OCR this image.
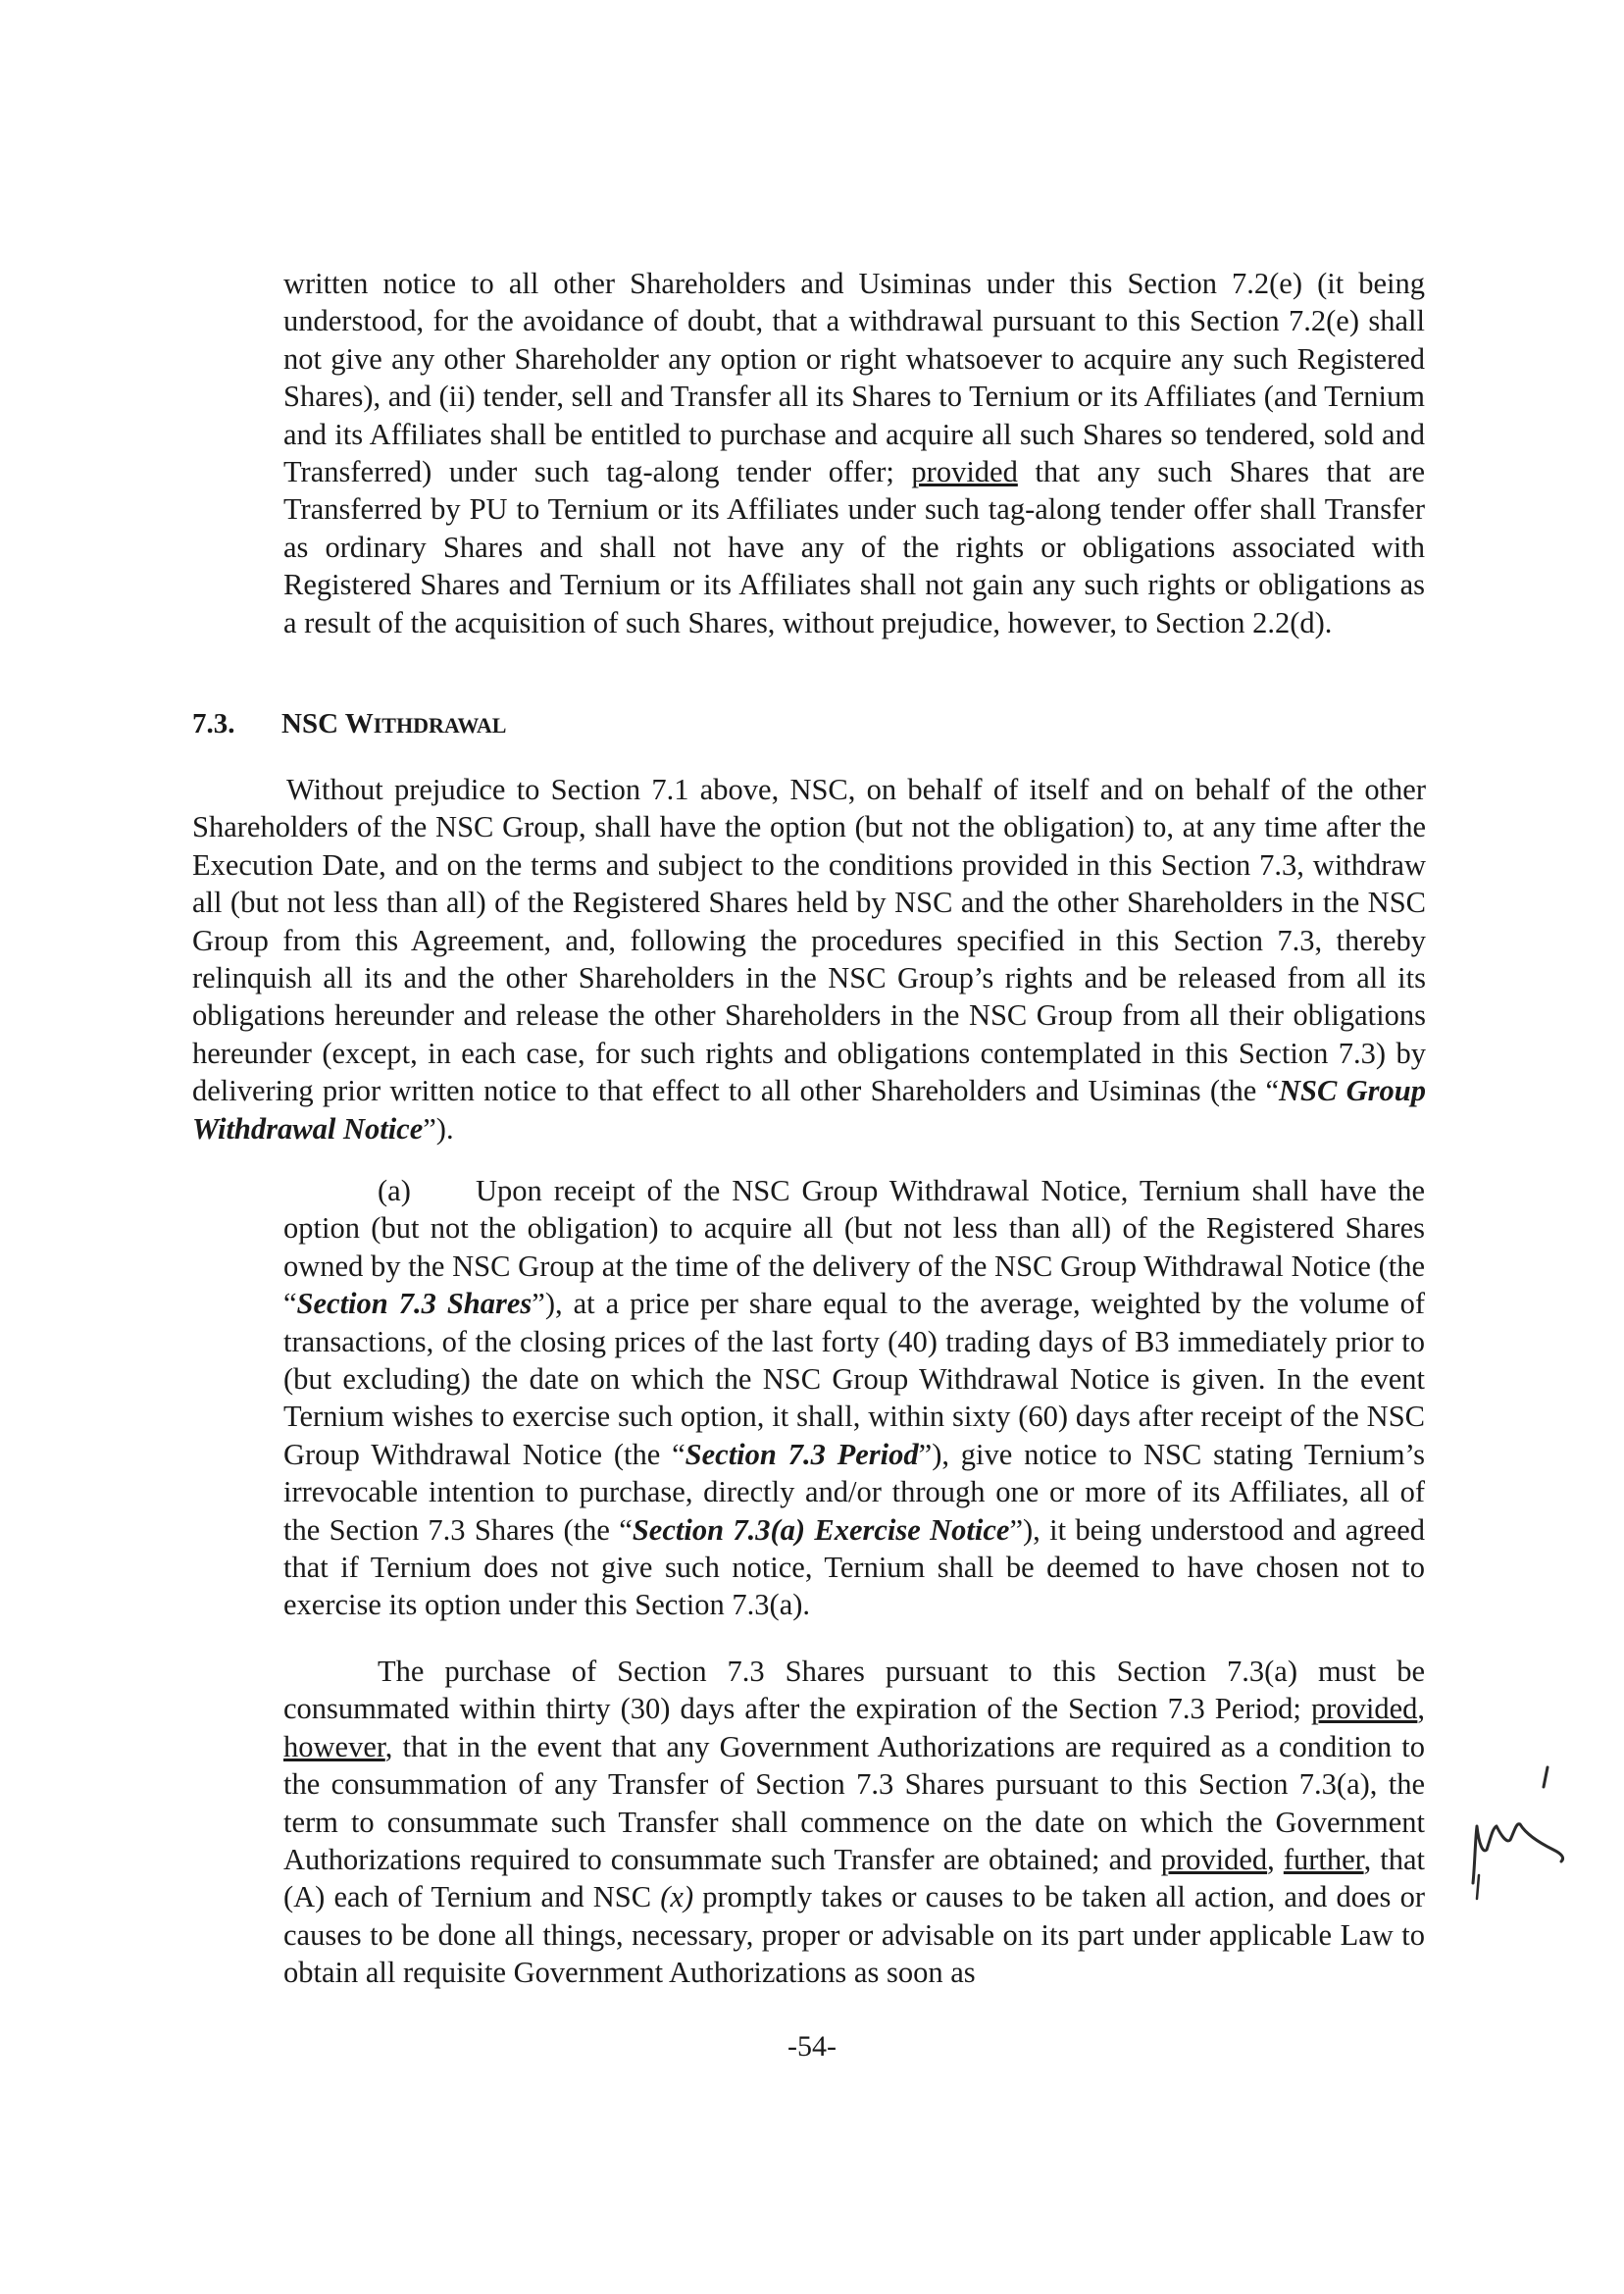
written notice to all other Shareholders and Usiminas under this Section 7.2(e) (it being understood, for the avoidance of doubt, that a withdrawal pursuant to this Section 7.2(e) shall not give any other Shareholder any option or right whatsoever to acquire any such Registered Shares), and (ii) tender, sell and Transfer all its Shares to Ternium or its Affiliates (and Ternium and its Affiliates shall be entitled to purchase and acquire all such Shares so tendered, sold and Transferred) under such tag-along tender offer; provided that any such Shares that are Transferred by PU to Ternium or its Affiliates under such tag-along tender offer shall Transfer as ordinary Shares and shall not have any of the rights or obligations associated with Registered Shares and Ternium or its Affiliates shall not gain any such rights or obligations as a result of the acquisition of such Shares, without prejudice, however, to Section 2.2(d).

7.3. NSC WITHDRAWAL

Without prejudice to Section 7.1 above, NSC, on behalf of itself and on behalf of the other Shareholders of the NSC Group, shall have the option (but not the obligation) to, at any time after the Execution Date, and on the terms and subject to the conditions provided in this Section 7.3, withdraw all (but not less than all) of the Registered Shares held by NSC and the other Shareholders in the NSC Group from this Agreement, and, following the procedures specified in this Section 7.3, thereby relinquish all its and the other Shareholders in the NSC Group’s rights and be released from all its obligations hereunder and release the other Shareholders in the NSC Group from all their obligations hereunder (except, in each case, for such rights and obligations contemplated in this Section 7.3) by delivering prior written notice to that effect to all other Shareholders and Usiminas (the “NSC Group Withdrawal Notice”).

(a) Upon receipt of the NSC Group Withdrawal Notice, Ternium shall have the option (but not the obligation) to acquire all (but not less than all) of the Registered Shares owned by the NSC Group at the time of the delivery of the NSC Group Withdrawal Notice (the “Section 7.3 Shares”), at a price per share equal to the average, weighted by the volume of transactions, of the closing prices of the last forty (40) trading days of B3 immediately prior to (but excluding) the date on which the NSC Group Withdrawal Notice is given. In the event Ternium wishes to exercise such option, it shall, within sixty (60) days after receipt of the NSC Group Withdrawal Notice (the “Section 7.3 Period”), give notice to NSC stating Ternium’s irrevocable intention to purchase, directly and/or through one or more of its Affiliates, all of the Section 7.3 Shares (the “Section 7.3(a) Exercise Notice”), it being understood and agreed that if Ternium does not give such notice, Ternium shall be deemed to have chosen not to exercise its option under this Section 7.3(a).

The purchase of Section 7.3 Shares pursuant to this Section 7.3(a) must be consummated within thirty (30) days after the expiration of the Section 7.3 Period; provided, however, that in the event that any Government Authorizations are required as a condition to the consummation of any Transfer of Section 7.3 Shares pursuant to this Section 7.3(a), the term to consummate such Transfer shall commence on the date on which the Government Authorizations required to consummate such Transfer are obtained; and provided, further, that (A) each of Ternium and NSC (x) promptly takes or causes to be taken all action, and does or causes to be done all things, necessary, proper or advisable on its part under applicable Law to obtain all requisite Government Authorizations as soon as

-54-
